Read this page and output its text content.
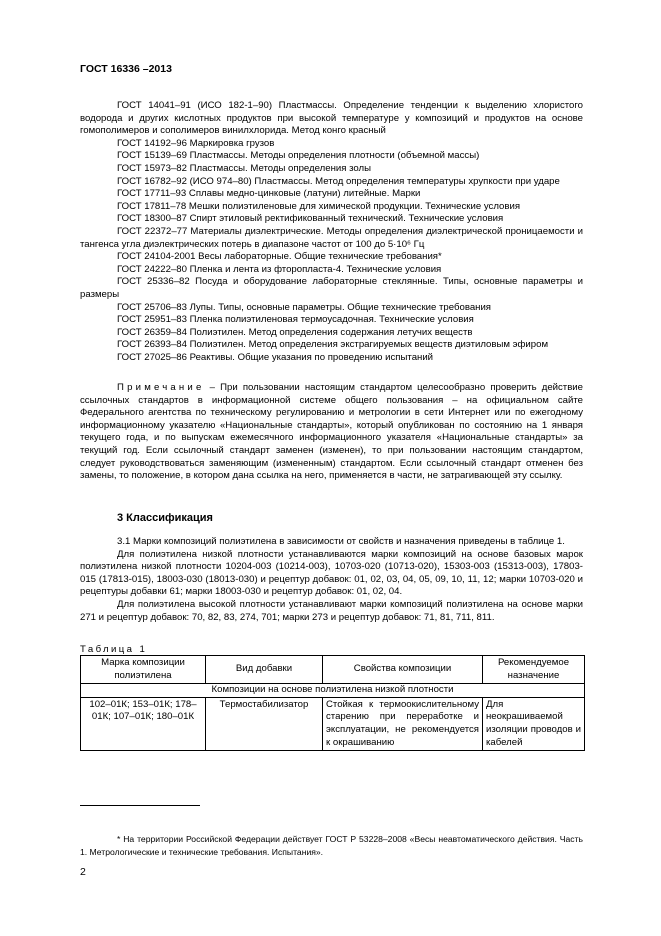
ГОСТ 16336 –2013

ГОСТ 14041–91 (ИСО 182-1–90) Пластмассы. Определение тенденции к выделению хлористого водорода и других кислотных продуктов при высокой температуре у композиций и продуктов на основе гомополимеров и сополимеров винилхлорида. Метод конго красный

ГОСТ 14192–96 Маркировка грузов

ГОСТ 15139–69 Пластмассы. Методы определения плотности (объемной массы)

ГОСТ 15973–82 Пластмассы. Методы определения золы

ГОСТ 16782–92 (ИСО 974–80) Пластмассы. Метод определения температуры хрупкости при ударе

ГОСТ 17711–93 Сплавы медно-цинковые (латуни) литейные. Марки

ГОСТ 17811–78 Мешки полиэтиленовые для химической продукции. Технические условия

ГОСТ 18300–87 Спирт этиловый ректификованный технический. Технические условия

ГОСТ 22372–77 Материалы диэлектрические. Методы определения диэлектрической проницаемости и тангенса угла диэлектрических потерь в диапазоне частот от 100 до 5·10⁶ Гц

ГОСТ 24104-2001 Весы лабораторные. Общие технические требования*

ГОСТ 24222–80 Пленка и лента из фторопласта-4. Технические условия

ГОСТ 25336–82 Посуда и оборудование лабораторные стеклянные. Типы, основные параметры и размеры

ГОСТ 25706–83 Лупы. Типы, основные параметры. Общие технические требования

ГОСТ 25951–83 Пленка полиэтиленовая термоусадочная. Технические условия

ГОСТ 26359–84 Полиэтилен. Метод определения содержания летучих веществ

ГОСТ 26393–84 Полиэтилен. Метод определения экстрагируемых веществ диэтиловым эфиром

ГОСТ 27025–86 Реактивы. Общие указания по проведению испытаний

Примечание – При пользовании настоящим стандартом целесообразно проверить действие ссылочных стандартов в информационной системе общего пользования – на официальном сайте Федерального агентства по техническому регулированию и метрологии в сети Интернет или по ежегодному информационному указателю «Национальные стандарты», который опубликован по состоянию на 1 января текущего года, и по выпускам ежемесячного информационного указателя «Национальные стандарты» за текущий год. Если ссылочный стандарт заменен (изменен), то при пользовании настоящим стандартом, следует руководствоваться заменяющим (измененным) стандартом. Если ссылочный стандарт отменен без замены, то положение, в котором дана ссылка на него, применяется в части, не затрагивающей эту ссылку.

3 Классификация

3.1 Марки композиций полиэтилена в зависимости от свойств и назначения приведены в таблице 1.

Для полиэтилена низкой плотности устанавливаются марки композиций на основе базовых марок полиэтилена низкой плотности 10204-003 (10214-003), 10703-020 (10713-020), 15303-003 (15313-003), 17803-015 (17813-015), 18003-030 (18013-030) и рецептур добавок: 01, 02, 03, 04, 05, 09, 10, 11, 12; марки 10703-020 и рецептуры добавки 61; марки 18003-030 и рецептур добавок: 01, 02, 04.

Для полиэтилена высокой плотности устанавливают марки композиций полиэтилена на основе марки 271 и рецептур добавок: 70, 82, 83, 274, 701; марки 273 и рецептур добавок: 71, 81, 711, 811.

Таблица 1
Марка композиции полиэтилена	Вид добавки	Свойства композиции	Рекомендуемое назначение
Композиции на основе полиэтилена низкой плотности			
102–01К; 153–01К; 178–01К; 107–01К; 180–01К	Термостабилизатор	Стойкая к термоокислительному старению при переработке и эксплуатации, не рекомендуется к окрашиванию	Для неокрашиваемой изоляции проводов и кабелей

* На территории Российской Федерации действует ГОСТ Р 53228–2008 «Весы неавтоматического действия. Часть 1. Метрологические и технические требования. Испытания».

2
